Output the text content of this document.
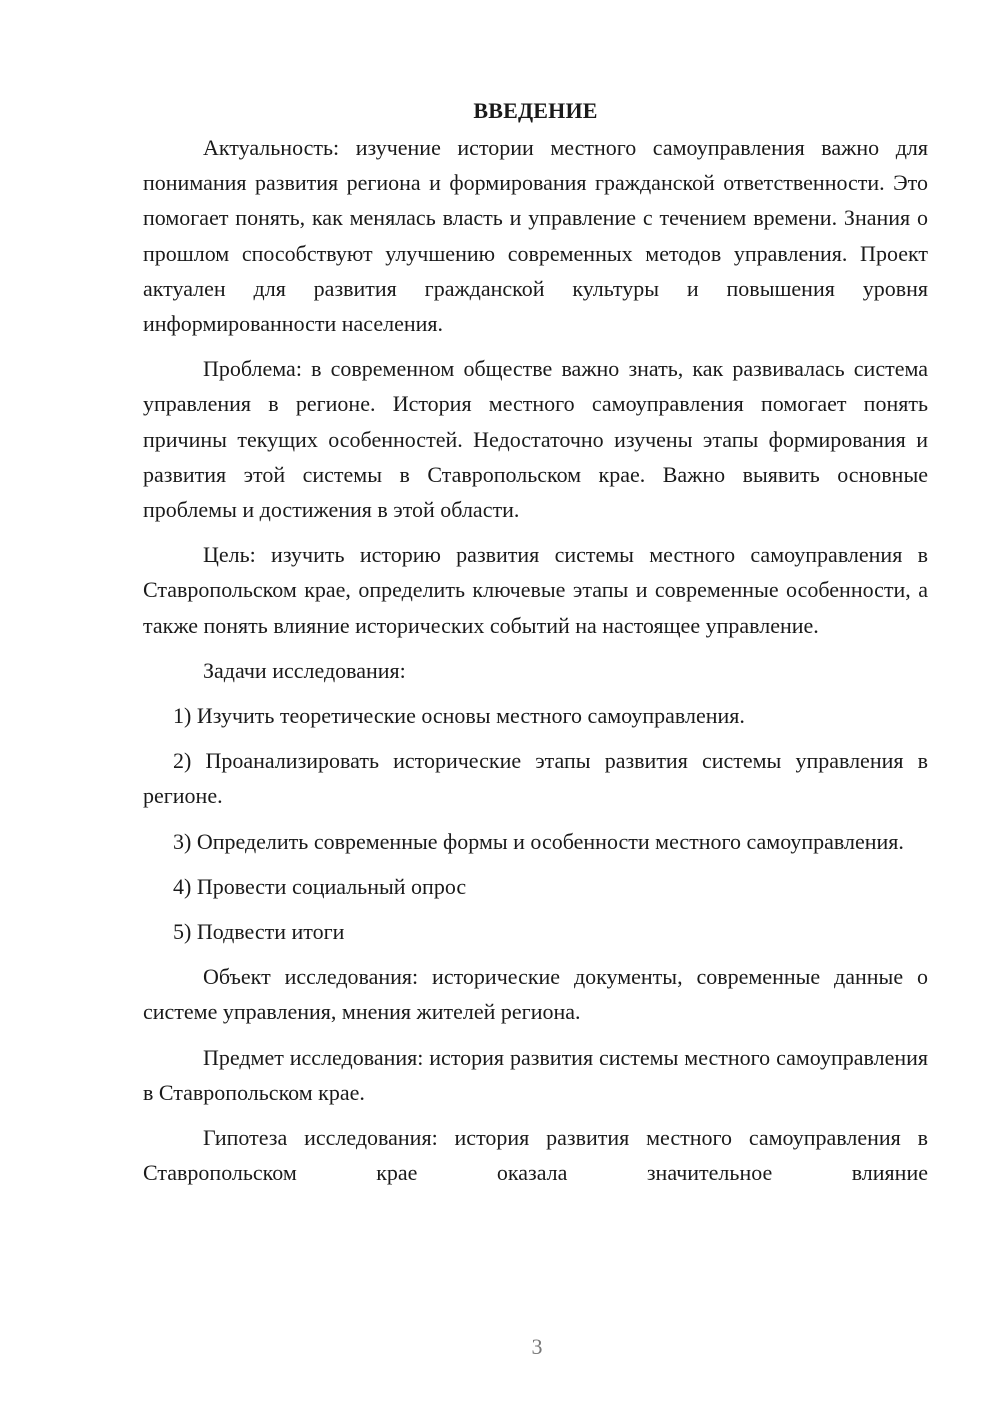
ВВЕДЕНИЕ

Актуальность: изучение истории местного самоуправления важно для понимания развития региона и формирования гражданской ответственности. Это помогает понять, как менялась власть и управление с течением времени. Знания о прошлом способствуют улучшению современных методов управления. Проект актуален для развития гражданской культуры и повышения уровня информированности населения.

Проблема: в современном обществе важно знать, как развивалась система управления в регионе. История местного самоуправления помогает понять причины текущих особенностей. Недостаточно изучены этапы формирования и развития этой системы в Ставропольском крае. Важно выявить основные проблемы и достижения в этой области.

Цель: изучить историю развития системы местного самоуправления в Ставропольском крае, определить ключевые этапы и современные особенности, а также понять влияние исторических событий на настоящее управление.

Задачи исследования:

1) Изучить теоретические основы местного самоуправления.

2) Проанализировать исторические этапы развития системы управления в регионе.

3) Определить современные формы и особенности местного самоуправления.

4) Провести социальный опрос

5) Подвести итоги

Объект исследования: исторические документы, современные данные о системе управления, мнения жителей региона.

Предмет исследования: история развития системы местного самоуправления в Ставропольском крае.

Гипотеза исследования: история развития местного самоуправления в Ставропольском крае оказала значительное влияние

3
